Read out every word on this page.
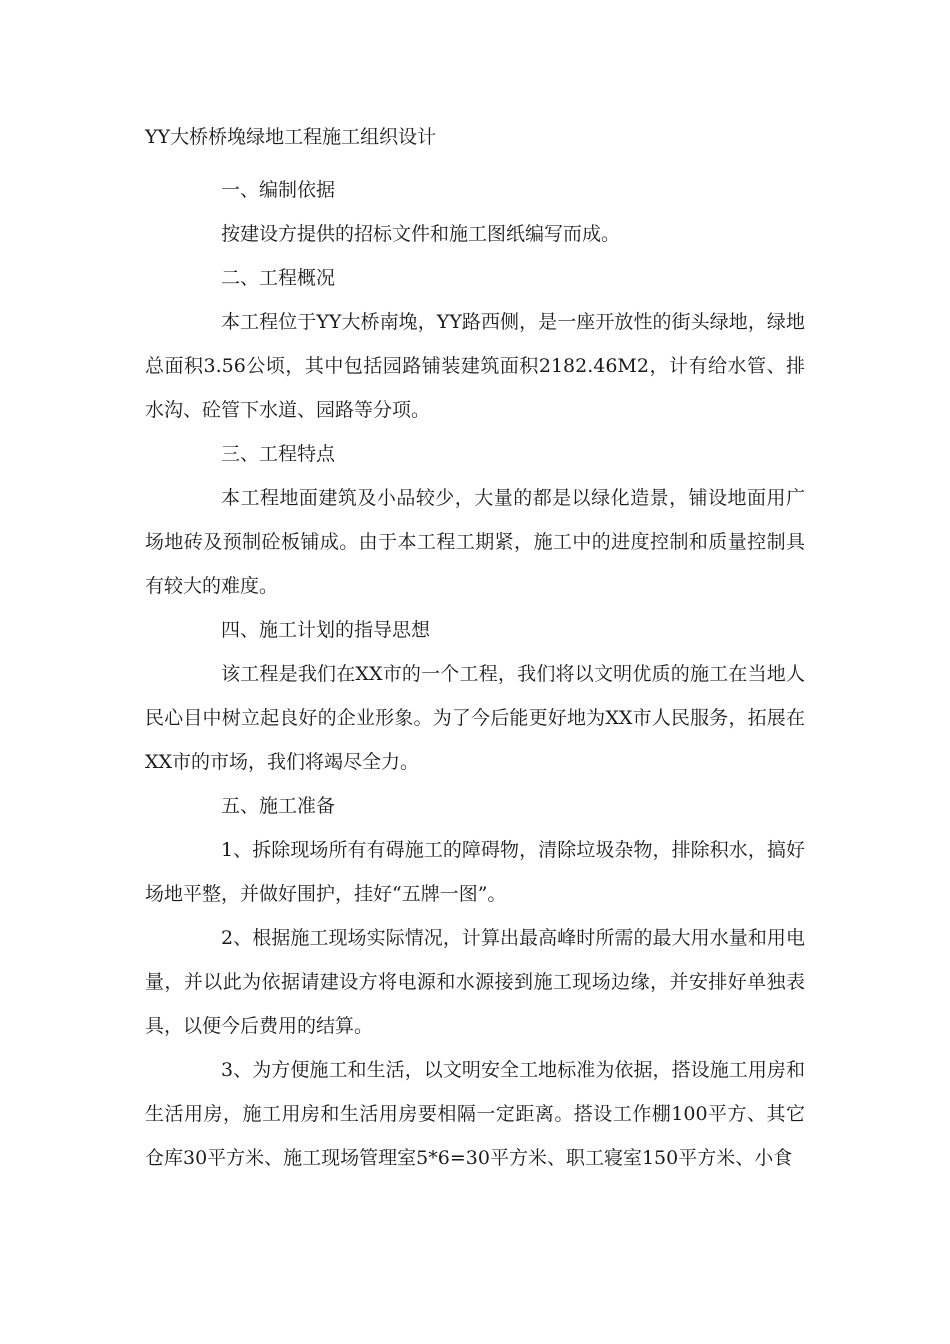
YY大桥桥堍绿地工程施工组织设计
一、编制依据

按建设方提供的招标文件和施工图纸编写而成。

二、工程概况

本工程位于YY大桥南堍，YY路西侧，是一座开放性的街头绿地，绿地总面积3.56公顷，其中包括园路铺装建筑面积2182.46M2，计有给水管、排水沟、砼管下水道、园路等分项。

三、工程特点

本工程地面建筑及小品较少，大量的都是以绿化造景，铺设地面用广场地砖及预制砼板铺成。由于本工程工期紧，施工中的进度控制和质量控制具有较大的难度。

四、施工计划的指导思想

该工程是我们在XX市的一个工程，我们将以文明优质的施工在当地人民心目中树立起良好的企业形象。为了今后能更好地为XX市人民服务，拓展在XX市的市场，我们将竭尽全力。

五、施工准备

1、拆除现场所有有碍施工的障碍物，清除垃圾杂物，排除积水，搞好场地平整，并做好围护，挂好“五牌一图”。

2、根据施工现场实际情况，计算出最高峰时所需的最大用水量和用电量，并以此为依据请建设方将电源和水源接到施工现场边缘，并安排好单独表具，以便今后费用的结算。

3、为方便施工和生活，以文明安全工地标准为依据，搭设施工用房和生活用房，施工用房和生活用房要相隔一定距离。搭设工作棚100平方、其它仓库30平方米、施工现场管理室5*6=30平方米、职工寝室150平方米、小食
